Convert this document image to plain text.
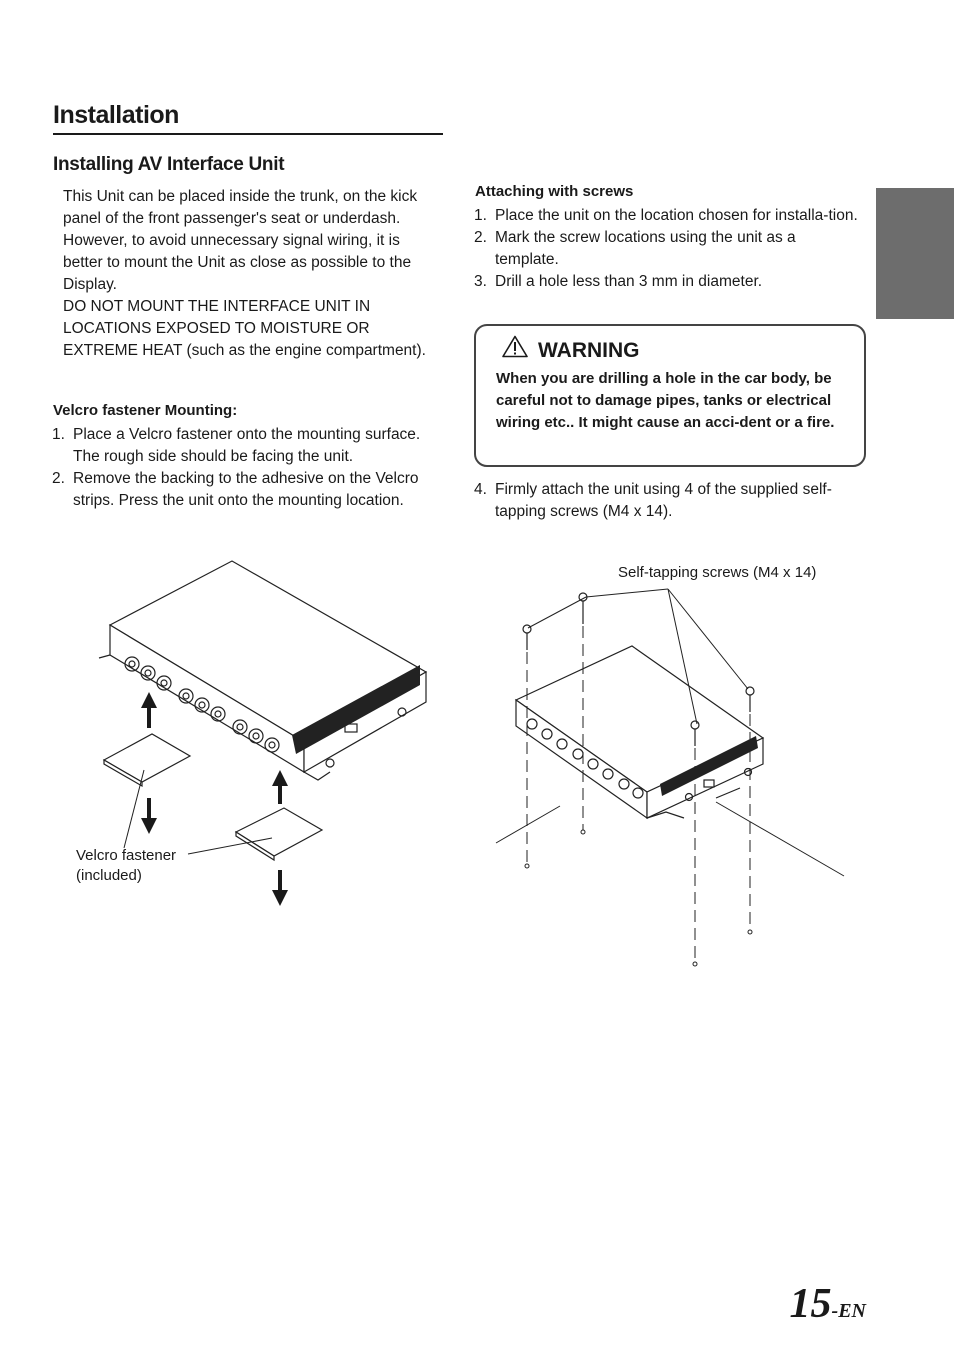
Installation
Installing AV Interface Unit

This Unit can be placed inside the trunk, on the kick panel of the front passenger's seat or underdash. However, to avoid unnecessary signal wiring, it is better to mount the Unit as close as possible to the Display.

DO NOT MOUNT THE INTERFACE UNIT IN LOCATIONS EXPOSED TO MOISTURE OR EXTREME HEAT (such as the engine compartment).

Velcro fastener Mounting:
1. Place a Velcro fastener onto the mounting surface. The rough side should be facing the unit.
2. Remove the backing to the adhesive on the Velcro strips. Press the unit onto the mounting location.
Attaching with screws
1. Place the unit on the location chosen for installa-tion.
2. Mark the screw locations using the unit as a template.
3. Drill a hole less than 3 mm in diameter.
WARNING
When you are drilling a hole in the car body, be careful not to damage pipes, tanks or electrical wiring etc.. It might cause an acci-dent or a fire.
4. Firmly attach the unit using 4 of the supplied self-tapping screws (M4 x 14).
Velcro fastener
(included)
Self-tapping screws (M4 x 14)
15-EN
